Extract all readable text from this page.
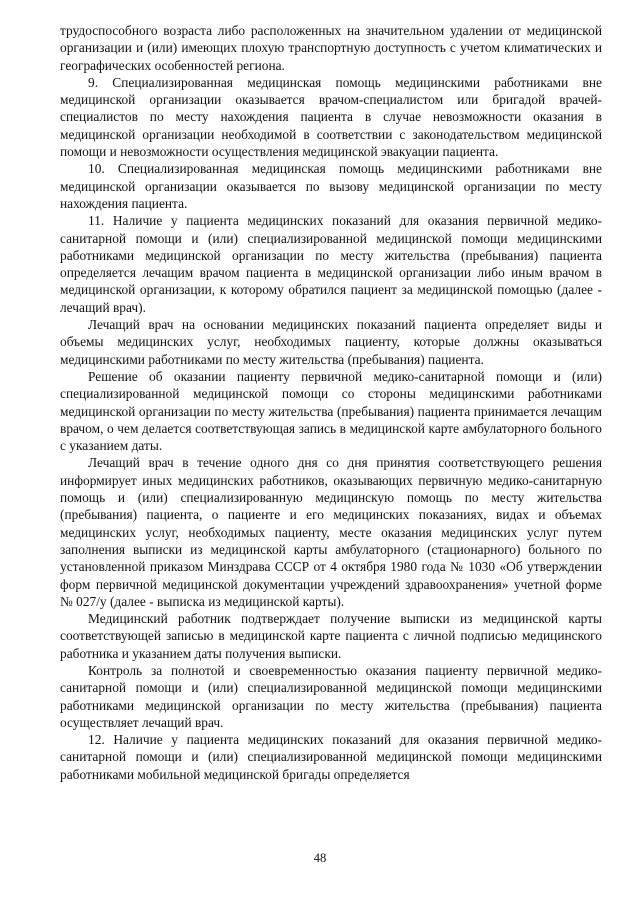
трудоспособного возраста либо расположенных на значительном удалении от медицинской организации и (или) имеющих плохую транспортную доступность с учетом климатических и географических особенностей региона.

9. Специализированная медицинская помощь медицинскими работниками вне медицинской организации оказывается врачом-специалистом или бригадой врачей-специалистов по месту нахождения пациента в случае невозможности оказания в медицинской организации необходимой в соответствии с законодательством медицинской помощи и невозможности осуществления медицинской эвакуации пациента.

10. Специализированная медицинская помощь медицинскими работниками вне медицинской организации оказывается по вызову медицинской организации по месту нахождения пациента.

11. Наличие у пациента медицинских показаний для оказания первичной медико-санитарной помощи и (или) специализированной медицинской помощи медицинскими работниками медицинской организации по месту жительства (пребывания) пациента определяется лечащим врачом пациента в медицинской организации либо иным врачом в медицинской организации, к которому обратился пациент за медицинской помощью (далее - лечащий врач).

Лечащий врач на основании медицинских показаний пациента определяет виды и объемы медицинских услуг, необходимых пациенту, которые должны оказываться медицинскими работниками по месту жительства (пребывания) пациента.

Решение об оказании пациенту первичной медико-санитарной помощи и (или) специализированной медицинской помощи со стороны медицинскими работниками медицинской организации по месту жительства (пребывания) пациента принимается лечащим врачом, о чем делается соответствующая запись в медицинской карте амбулаторного больного с указанием даты.

Лечащий врач в течение одного дня со дня принятия соответствующего решения информирует иных медицинских работников, оказывающих первичную медико-санитарную помощь и (или) специализированную медицинскую помощь по месту жительства (пребывания) пациента, о пациенте и его медицинских показаниях, видах и объемах медицинских услуг, необходимых пациенту, месте оказания медицинских услуг путем заполнения выписки из медицинской карты амбулаторного (стационарного) больного по установленной приказом Минздрава СССР от 4 октября 1980 года № 1030 «Об утверждении форм первичной медицинской документации учреждений здравоохранения» учетной форме № 027/у (далее - выписка из медицинской карты).

Медицинский работник подтверждает получение выписки из медицинской карты соответствующей записью в медицинской карте пациента с личной подписью медицинского работника и указанием даты получения выписки.

Контроль за полнотой и своевременностью оказания пациенту первичной медико-санитарной помощи и (или) специализированной медицинской помощи медицинскими работниками медицинской организации по месту жительства (пребывания) пациента осуществляет лечащий врач.

12. Наличие у пациента медицинских показаний для оказания первичной медико-санитарной помощи и (или) специализированной медицинской помощи медицинскими работниками мобильной медицинской бригады определяется

48
